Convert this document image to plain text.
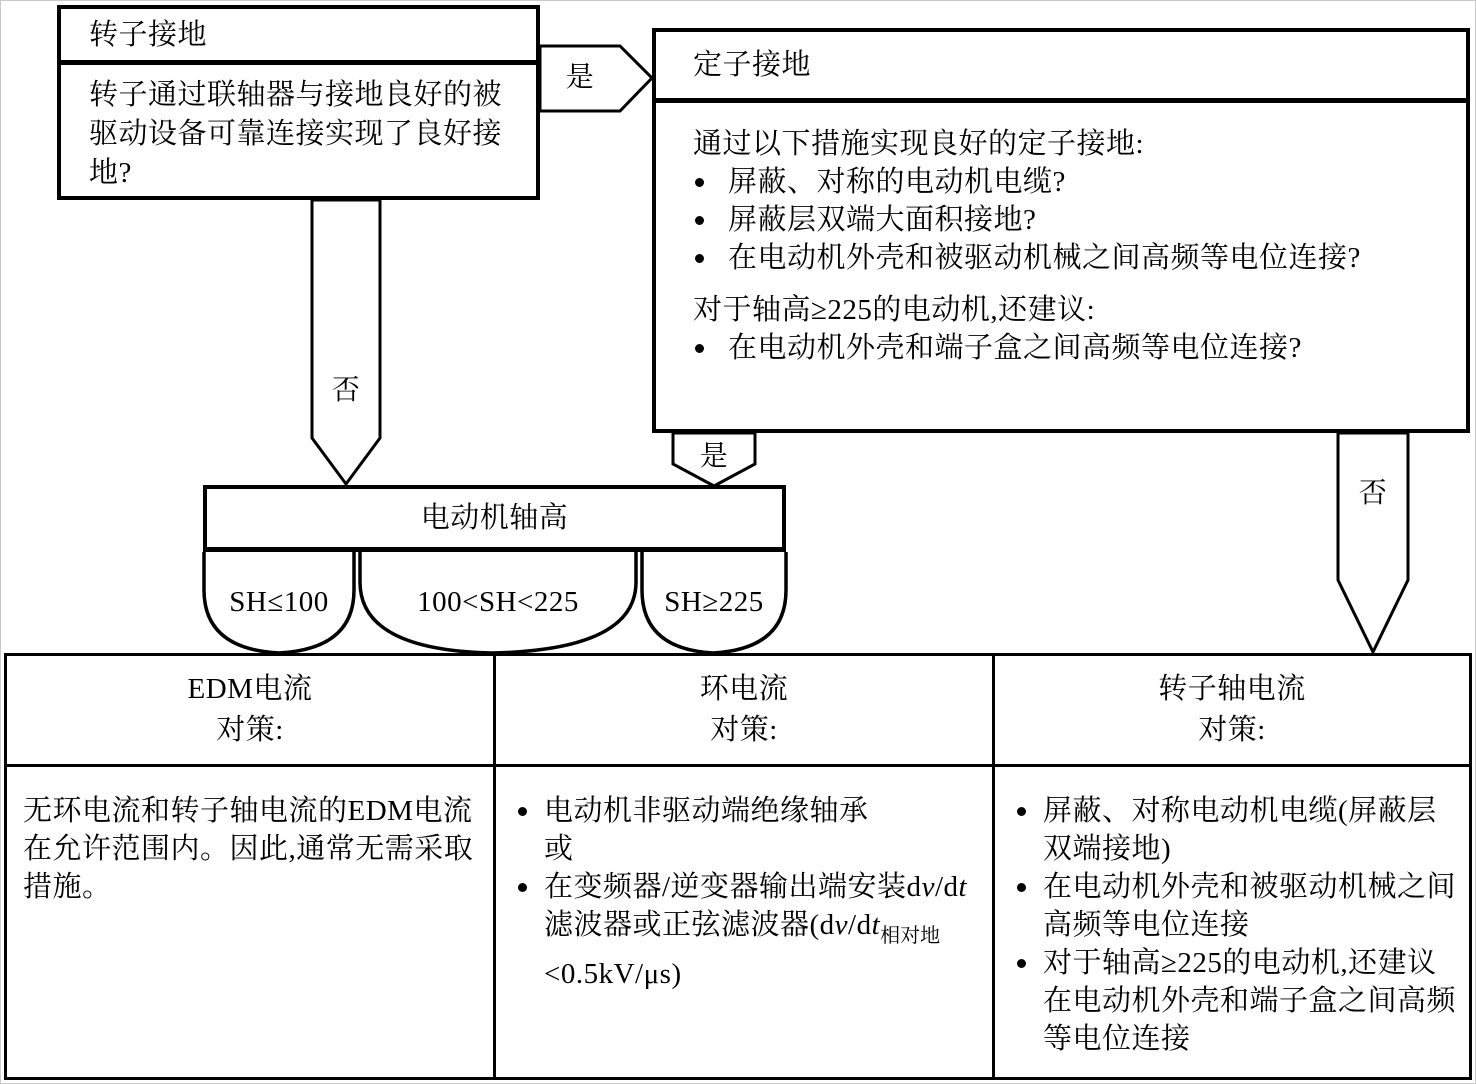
转子接地
转子通过联轴器与接地良好的被驱动设备可靠连接实现了良好接地?
定子接地
通过以下措施实现良好的定子接地:
屏蔽、对称的电动机电缆?
屏蔽层双端大面积接地?
在电动机外壳和被驱动机械之间高频等电位连接?
对于轴高≥225的电动机,还建议:
在电动机外壳和端子盒之间高频等电位连接?
是
否
是
否
电动机轴高
SH≤100	100<SH<225	SH≥225
EDM电流
对策:
环电流
对策:
转子轴电流
对策:
无环电流和转子轴电流的EDM电流在允许范围内。因此,通常无需采取措施。
电动机非驱动端绝缘轴承
或
在变频器/逆变器输出端安装dv/dt滤波器或正弦滤波器$(dv/dt_{相对地}<0.5kV/\mu s)$
屏蔽、对称电动机电缆(屏蔽层双端接地)
在电动机外壳和被驱动机械之间高频等电位连接
对于轴高≥225的电动机,还建议在电动机外壳和端子盒之间高频等电位连接
